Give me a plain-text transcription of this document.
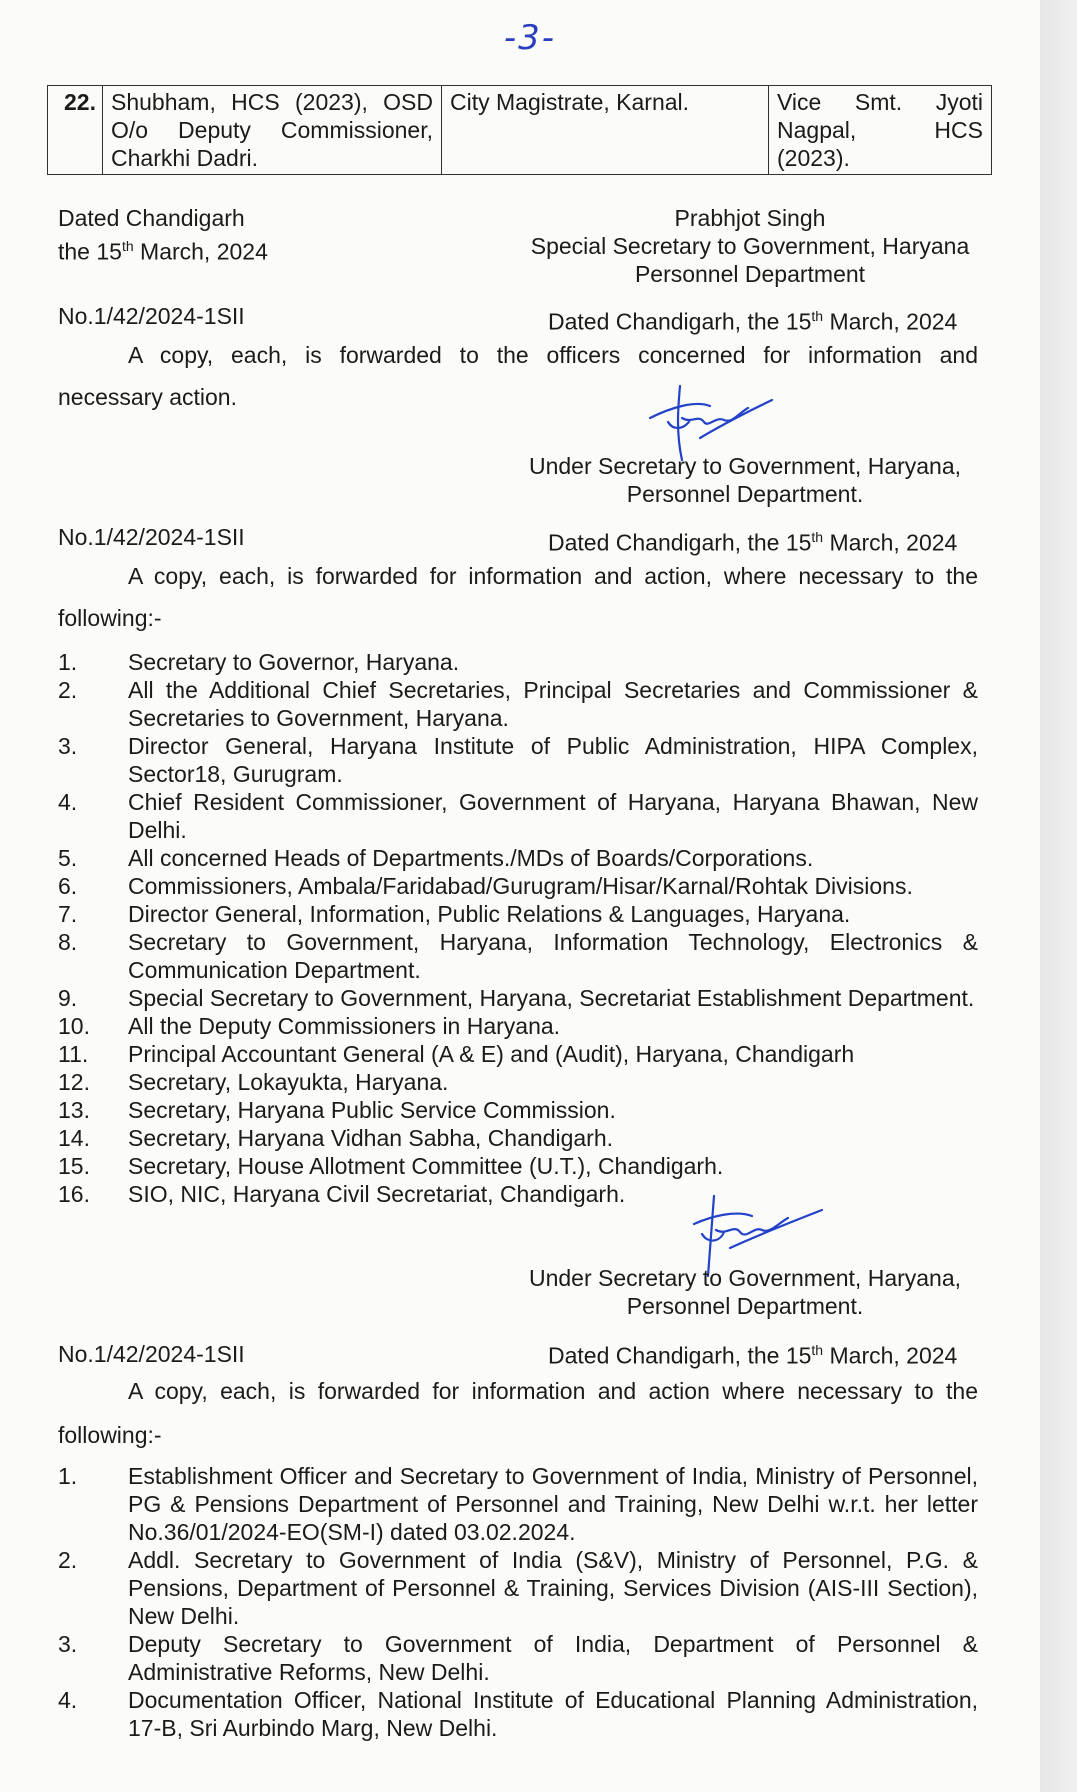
-3-
22.	Shubham, HCS (2023), OSD O/o Deputy Commissioner, Charkhi Dadri.	City Magistrate, Karnal.	Vice Smt. Jyoti Nagpal, HCS (2023).
Dated Chandigarh
the 15th March, 2024
Prabhjot Singh
Special Secretary to Government, Haryana
Personnel Department
No.1/42/2024-1SII	Dated Chandigarh, the 15th March, 2024
A copy, each, is forwarded to the officers concerned for information and
necessary action.
Under Secretary to Government, Haryana,
Personnel Department.
No.1/42/2024-1SII	Dated Chandigarh, the 15th March, 2024
A copy, each, is forwarded for information and action, where necessary to the
following:-
1. Secretary to Governor, Haryana.
2. All the Additional Chief Secretaries, Principal Secretaries and Commissioner & Secretaries to Government, Haryana.
3. Director General, Haryana Institute of Public Administration, HIPA Complex, Sector18, Gurugram.
4. Chief Resident Commissioner, Government of Haryana, Haryana Bhawan, New Delhi.
5. All concerned Heads of Departments./MDs of Boards/Corporations.
6. Commissioners, Ambala/Faridabad/Gurugram/Hisar/Karnal/Rohtak Divisions.
7. Director General, Information, Public Relations & Languages, Haryana.
8. Secretary to Government, Haryana, Information Technology, Electronics & Communication Department.
9. Special Secretary to Government, Haryana, Secretariat Establishment Department.
10. All the Deputy Commissioners in Haryana.
11. Principal Accountant General (A & E) and (Audit), Haryana, Chandigarh
12. Secretary, Lokayukta, Haryana.
13. Secretary, Haryana Public Service Commission.
14. Secretary, Haryana Vidhan Sabha, Chandigarh.
15. Secretary, House Allotment Committee (U.T.), Chandigarh.
16. SIO, NIC, Haryana Civil Secretariat, Chandigarh.
Under Secretary to Government, Haryana,
Personnel Department.
No.1/42/2024-1SII	Dated Chandigarh, the 15th March, 2024
A copy, each, is forwarded for information and action where necessary to the
following:-
1. Establishment Officer and Secretary to Government of India, Ministry of Personnel, PG & Pensions Department of Personnel and Training, New Delhi w.r.t. her letter No.36/01/2024-EO(SM-I) dated 03.02.2024.
2. Addl. Secretary to Government of India (S&V), Ministry of Personnel, P.G. & Pensions, Department of Personnel & Training, Services Division (AIS-III Section), New Delhi.
3. Deputy Secretary to Government of India, Department of Personnel & Administrative Reforms, New Delhi.
4. Documentation Officer, National Institute of Educational Planning Administration, 17-B, Sri Aurbindo Marg, New Delhi.
